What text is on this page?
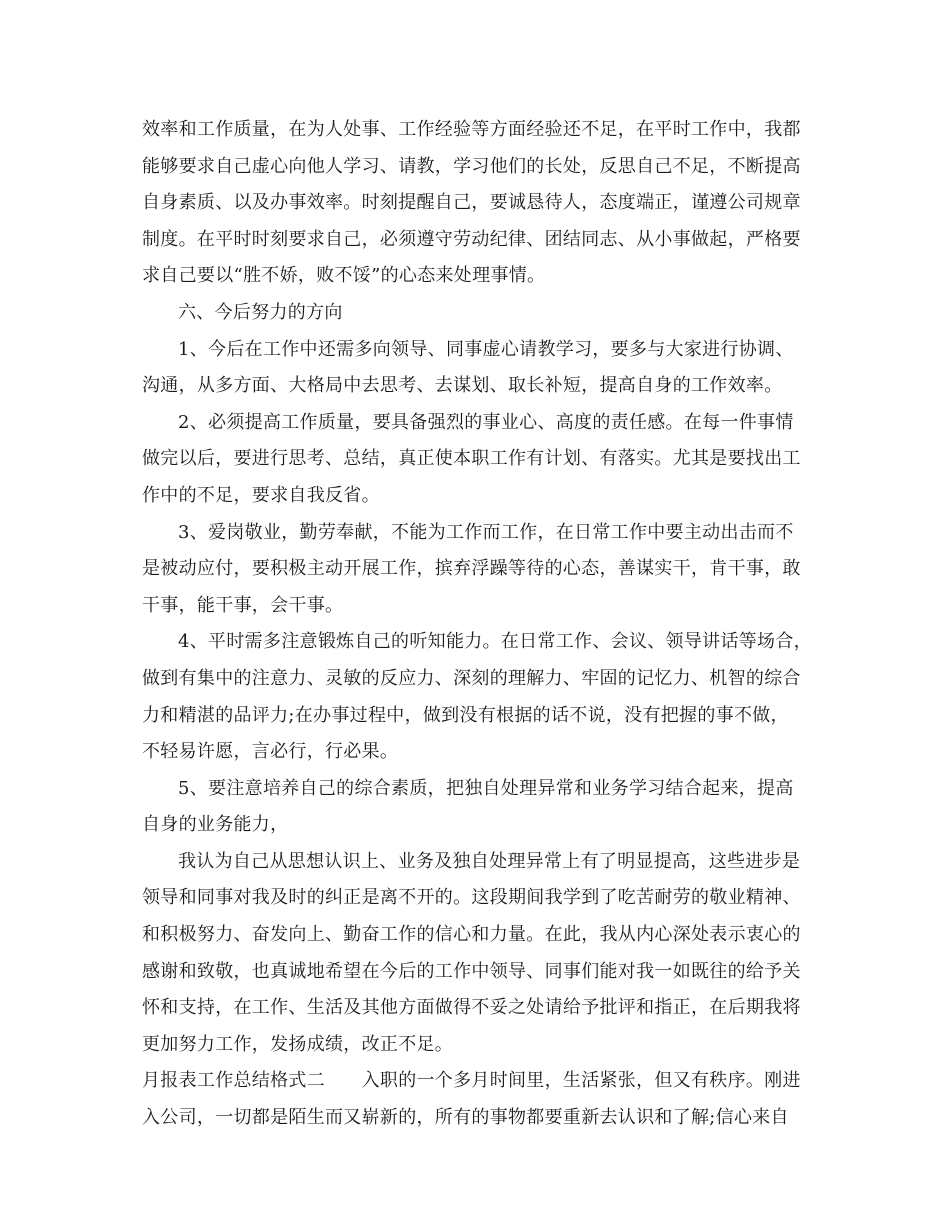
效率和工作质量，在为人处事、工作经验等方面经验还不足，在平时工作中，我都
能够要求自己虚心向他人学习、请教，学习他们的长处，反思自己不足，不断提高
自身素质、以及办事效率。时刻提醒自己，要诚恳待人，态度端正，谨遵公司规章
制度。在平时时刻要求自己，必须遵守劳动纪律、团结同志、从小事做起，严格要
求自己要以“胜不娇，败不馁”的心态来处理事情。
六、今后努力的方向
1、今后在工作中还需多向领导、同事虚心请教学习，要多与大家进行协调、
沟通，从多方面、大格局中去思考、去谋划、取长补短，提高自身的工作效率。
2、必须提高工作质量，要具备强烈的事业心、高度的责任感。在每一件事情
做完以后，要进行思考、总结，真正使本职工作有计划、有落实。尤其是要找出工
作中的不足，要求自我反省。
3、爱岗敬业，勤劳奉献，不能为工作而工作，在日常工作中要主动出击而不
是被动应付，要积极主动开展工作，摈弃浮躁等待的心态，善谋实干，肯干事，敢
干事，能干事，会干事。
4、平时需多注意锻炼自己的听知能力。在日常工作、会议、领导讲话等场合，
做到有集中的注意力、灵敏的反应力、深刻的理解力、牢固的记忆力、机智的综合
力和精湛的品评力;在办事过程中，做到没有根据的话不说，没有把握的事不做，
不轻易许愿，言必行，行必果。
5、要注意培养自己的综合素质，把独自处理异常和业务学习结合起来，提高
自身的业务能力，
我认为自己从思想认识上、业务及独自处理异常上有了明显提高，这些进步是
领导和同事对我及时的纠正是离不开的。这段期间我学到了吃苦耐劳的敬业精神、
和积极努力、奋发向上、勤奋工作的信心和力量。在此，我从内心深处表示衷心的
感谢和致敬，也真诚地希望在今后的工作中领导、同事们能对我一如既往的给予关
怀和支持，在工作、生活及其他方面做得不妥之处请给予批评和指正，在后期我将
更加努力工作，发扬成绩，改正不足。
月报表工作总结格式二　　入职的一个多月时间里，生活紧张，但又有秩序。刚进
入公司，一切都是陌生而又崭新的，所有的事物都要重新去认识和了解;信心来自
